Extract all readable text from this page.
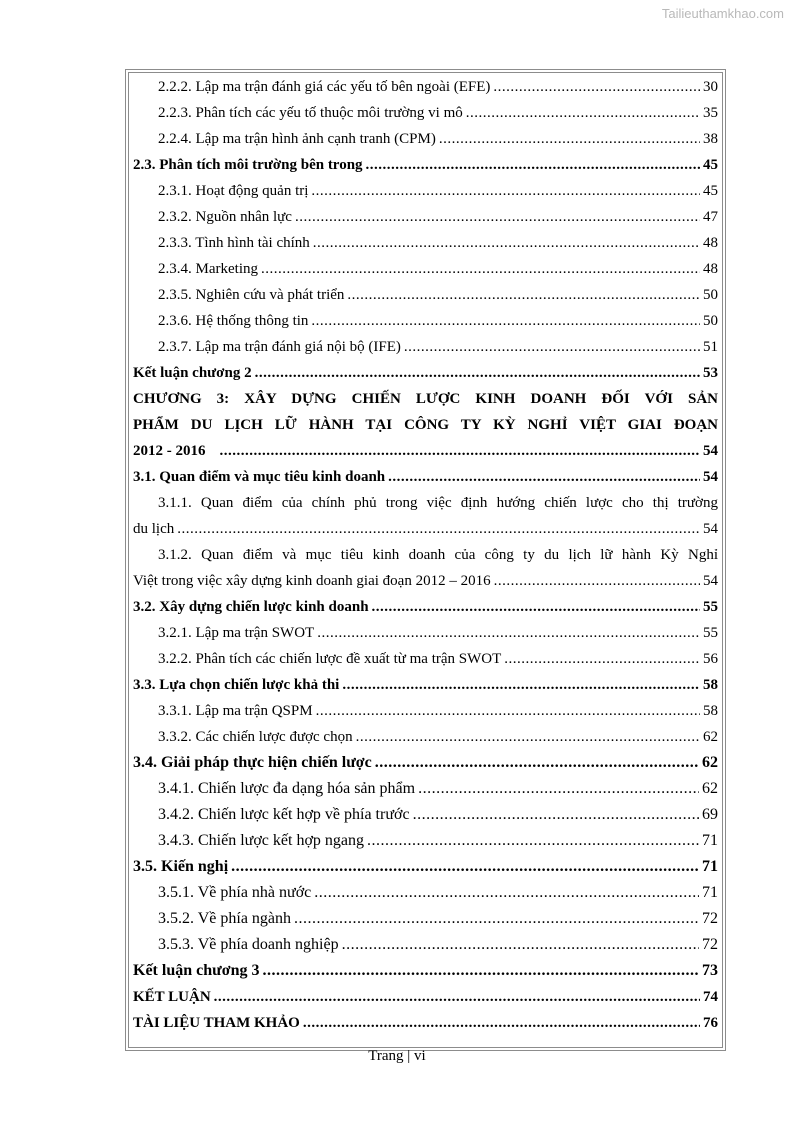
Tailieuthamkhao.com
2.2.2. Lập ma trận đánh giá các yếu tố bên ngoài (EFE) .....	30
2.2.3. Phân tích các yếu tố thuộc môi trường vi mô .....	35
2.2.4. Lập ma trận hình ảnh cạnh tranh (CPM) .....	38
2.3. Phân tích môi trường bên trong .....	45
2.3.1. Hoạt động quản trị .....	45
2.3.2. Nguồn nhân lực .....	47
2.3.3. Tình hình tài chính .....	48
2.3.4. Marketing .....	48
2.3.5. Nghiên cứu và phát triển .....	50
2.3.6. Hệ thống thông tin .....	50
2.3.7. Lập ma trận đánh giá nội bộ (IFE) .....	51
Kết luận chương 2 .....	53
CHƯƠNG 3: XÂY DỰNG CHIẾN LƯỢC KINH DOANH ĐỐI VỚI SẢN
PHẨM DU LỊCH LỮ HÀNH TẠI CÔNG TY KỲ NGHỈ VIỆT GIAI ĐOẠN
2012 - 2016 .....	54
3.1. Quan điểm và mục tiêu kinh doanh .....	54
3.1.1. Quan điểm của chính phủ trong việc định hướng chiến lược cho thị trường
du lịch .....	54
3.1.2. Quan điểm và mục tiêu kinh doanh của công ty du lịch lữ hành Kỳ Nghỉ
Việt trong việc xây dựng kinh doanh giai đoạn 2012 – 2016 .....	54
3.2. Xây dựng chiến lược kinh doanh .....	55
3.2.1. Lập ma trận SWOT .....	55
3.2.2. Phân tích các chiến lược đề xuất từ ma trận SWOT .....	56
3.3. Lựa chọn chiến lược khả thi .....	58
3.3.1. Lập ma trận QSPM .....	58
3.3.2. Các chiến lược được chọn .....	62
3.4. Giải pháp thực hiện chiến lược .....	62
3.4.1. Chiến lược đa dạng hóa sản phẩm .....	62
3.4.2. Chiến lược kết hợp về phía trước .....	69
3.4.3. Chiến lược kết hợp ngang .....	71
3.5. Kiến nghị .....	71
3.5.1. Về phía nhà nước .....	71
3.5.2. Về phía ngành .....	72
3.5.3. Về phía doanh nghiệp .....	72
Kết luận chương 3 .....	73
KẾT LUẬN .....	74
TÀI LIỆU THAM KHẢO .....	76
Trang | vi
